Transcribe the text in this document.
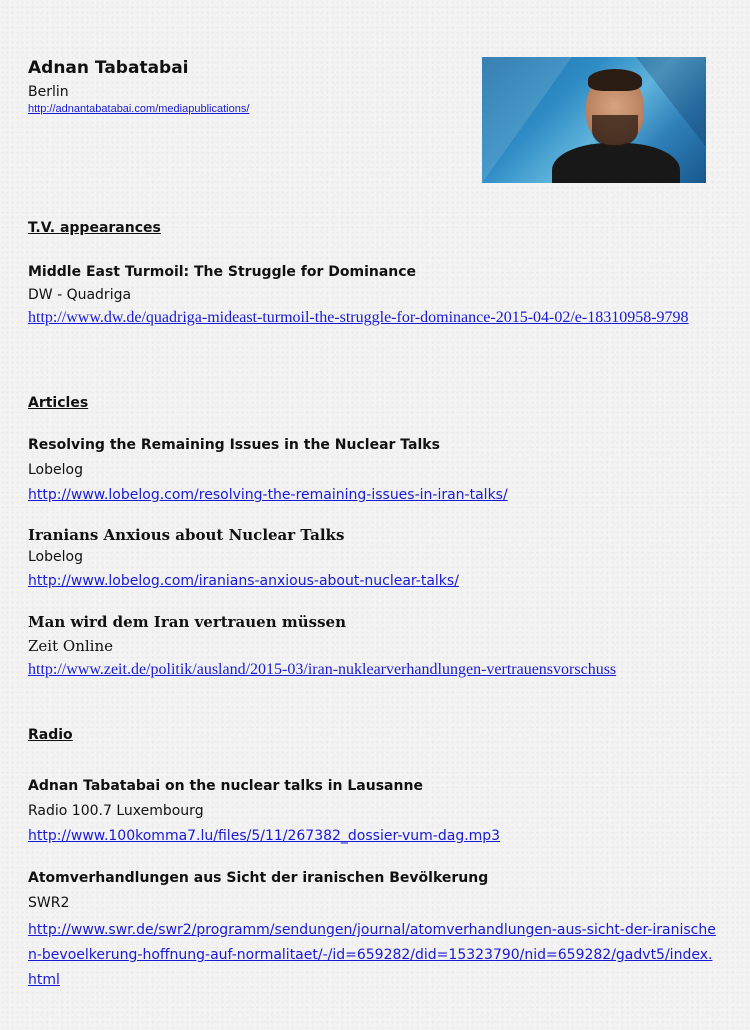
Adnan Tabatabai
Berlin
http://adnantabatabai.com/mediapublications/
T.V. appearances
Middle East Turmoil: The Struggle for Dominance
DW - Quadriga
http://www.dw.de/quadriga-mideast-turmoil-the-struggle-for-dominance-2015-04-02/e-18310958-9798
Articles
Resolving the Remaining Issues in the Nuclear Talks
Lobelog
http://www.lobelog.com/resolving-the-remaining-issues-in-iran-talks/
Iranians Anxious about Nuclear Talks
Lobelog
http://www.lobelog.com/iranians-anxious-about-nuclear-talks/
Man wird dem Iran vertrauen müssen
Zeit Online
http://www.zeit.de/politik/ausland/2015-03/iran-nuklearverhandlungen-vertrauensvorschuss
Radio
Adnan Tabatabai on the nuclear talks in Lausanne
Radio 100.7 Luxembourg
http://www.100komma7.lu/files/5/11/267382_dossier-vum-dag.mp3
Atomverhandlungen aus Sicht der iranischen Bevölkerung
SWR2
http://www.swr.de/swr2/programm/sendungen/journal/atomverhandlungen-aus-sicht-der-iranischen-bevoelkerung-hoffnung-auf-normalitaet/-/id=659282/did=15323790/nid=659282/gadvt5/index.html
